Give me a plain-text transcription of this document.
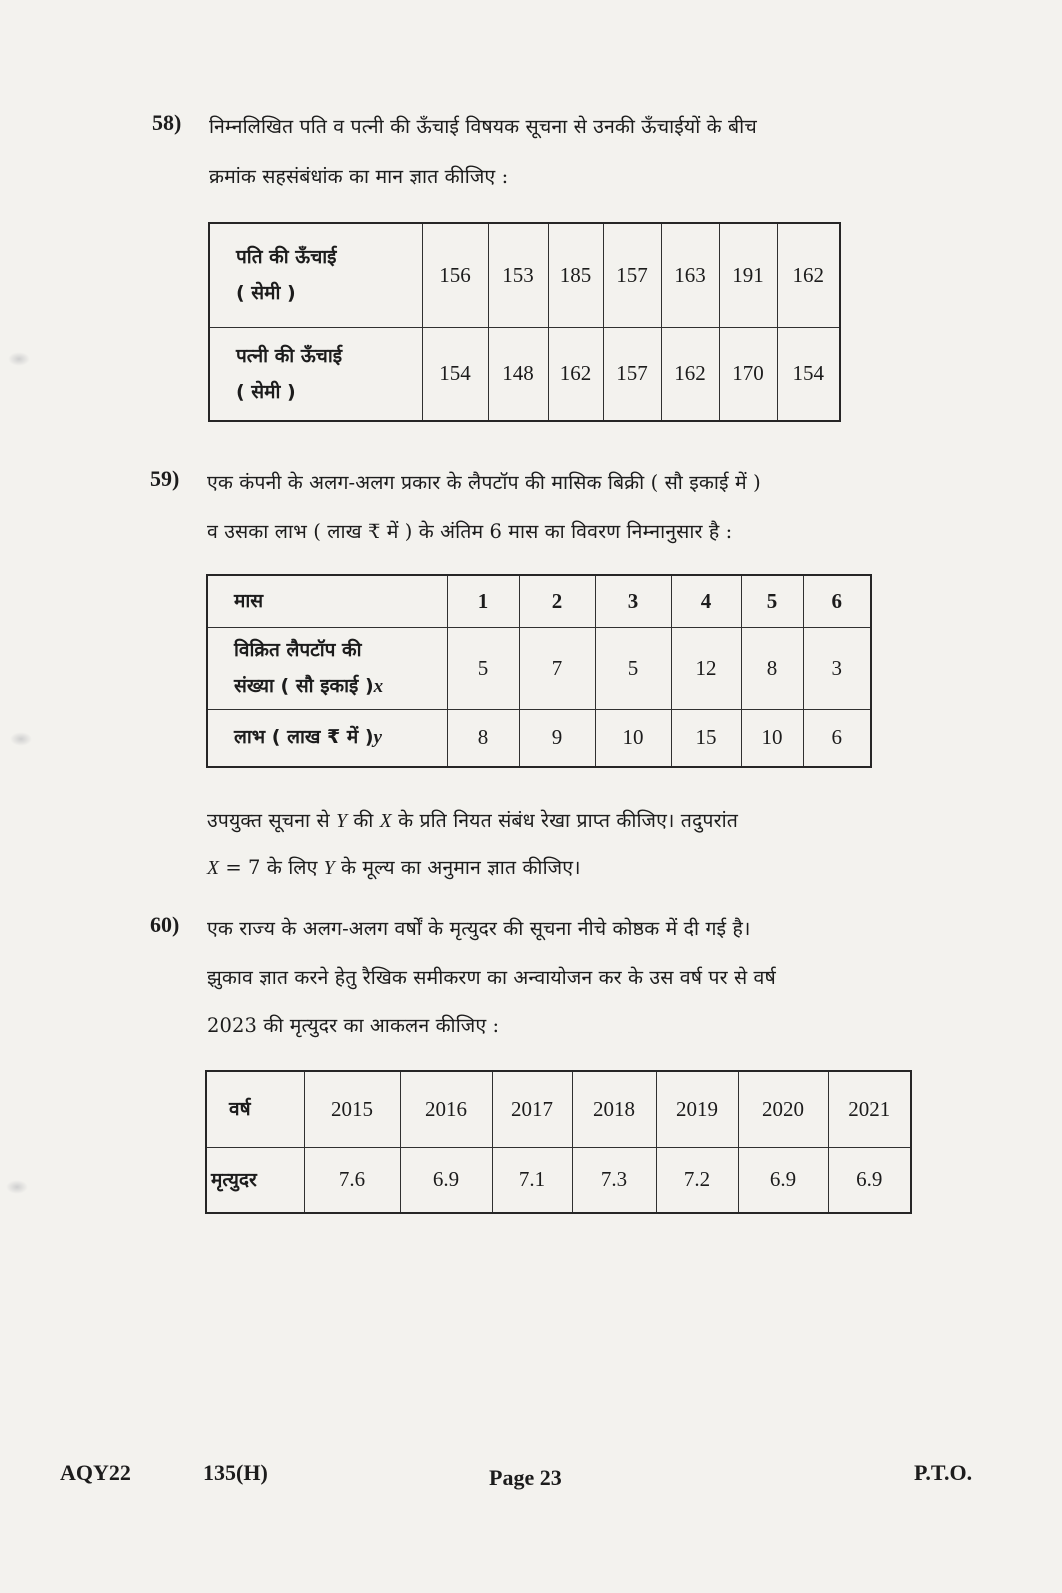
58) निम्नलिखित पति व पत्नी की ऊँचाई विषयक सूचना से उनकी ऊँचाईयों के बीच
क्रमांक सहसंबंधांक का मान ज्ञात कीजिए :
पति की ऊँचाई
( सेमी )	156	153	185	157	163	191	162

पत्नी की ऊँचाई
( सेमी )	154	148	162	157	162	170	154
59) एक कंपनी के अलग-अलग प्रकार के लैपटॉप की मासिक बिक्री ( सौ इकाई में )
व उसका लाभ ( लाख ₹ में ) के अंतिम 6 मास का विवरण निम्नानुसार है :
मास	1	2	3	4	5	6

विक्रित लैपटॉप की
संख्या ( सौ इकाई )x	5	7	5	12	8	3
लाभ ( लाख ₹ में )y	8	9	10	15	10	6
उपयुक्त सूचना से Y की X के प्रति नियत संबंध रेखा प्राप्त कीजिए। तदुपरांत
X = 7 के लिए Y के मूल्य का अनुमान ज्ञात कीजिए।
60) एक राज्य के अलग-अलग वर्षों के मृत्युदर की सूचना नीचे कोष्ठक में दी गई है।
झुकाव ज्ञात करने हेतु रैखिक समीकरण का अन्वायोजन कर के उस वर्ष पर से वर्ष
2023 की मृत्युदर का आकलन कीजिए :
वर्ष	2015	2016	2017	2018	2019	2020	2021
मृत्युदर	7.6	6.9	7.1	7.3	7.2	6.9	6.9
AQY22	135(H)	Page 23	P.T.O.
